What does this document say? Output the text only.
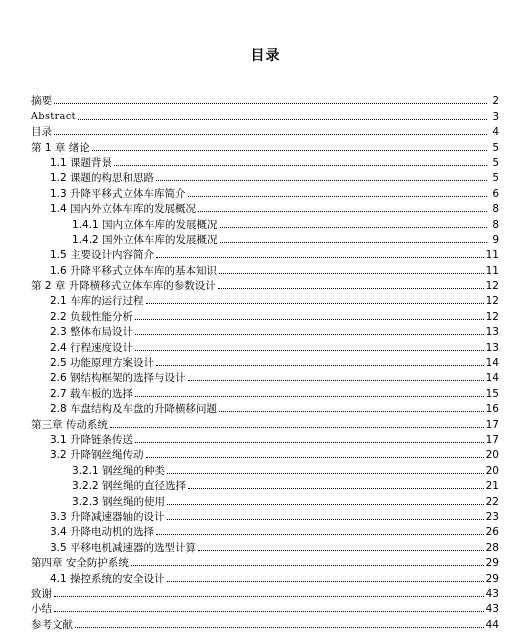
目录
摘要	2
Abstract	3
目录	4
第 1 章 绪论	5
1.1 课题背景	5
1.2 课题的构思和思路	5
1.3 升降平移式立体车库简介	6
1.4 国内外立体车库的发展概况	8
1.4.1 国内立体车库的发展概况	8
1.4.2 国外立体车库的发展概况	9
1.5 主要设计内容简介	11
1.6 升降平移式立体车库的基本知识	11
第 2 章 升降横移式立体车库的参数设计	12
2.1 车库的运行过程	12
2.2 负载性能分析	12
2.3 整体布局设计	13
2.4 行程速度设计	13
2.5 功能原理方案设计	14
2.6 钢结构框架的选择与设计	14
2.7 载车板的选择	15
2.8 车盘结构及车盘的升降横移问题	16
第三章 传动系统	17
3.1 升降链条传送	17
3.2 升降钢丝绳传动	20
3.2.1 钢丝绳的种类	20
3.2.2 钢丝绳的直径选择	21
3.2.3 钢丝绳的使用	22
3.3 升降减速器轴的设计	23
3.4 升降电动机的选择	26
3.5 平移电机减速器的选型计算	28
第四章 安全防护系统	29
4.1 操控系统的安全设计	29
致谢	43
小结	43
参考文献	44
